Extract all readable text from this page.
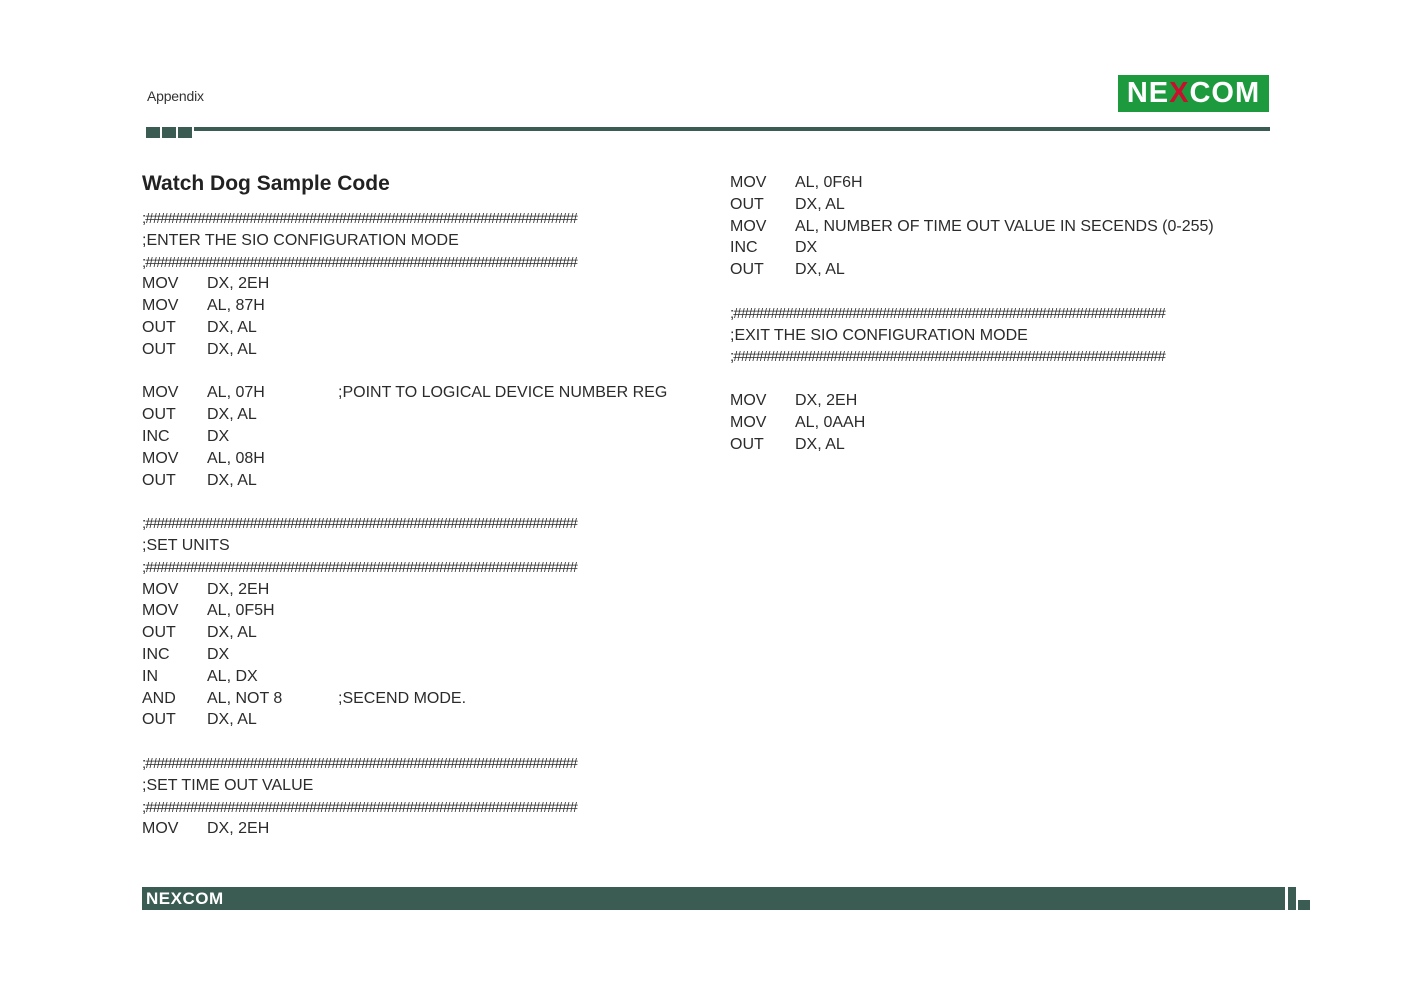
Appendix	NEXCOM
Watch Dog Sample Code
;##########################################################
;ENTER THE SIO CONFIGURATION MODE
;##########################################################
MOV DX, 2EH
MOV AL, 87H
OUT DX, AL
OUT DX, AL
MOV AL, 07H	;POINT TO LOGICAL DEVICE NUMBER REG
OUT DX, AL
INC DX
MOV AL, 08H
OUT DX, AL
;##########################################################
;SET UNITS
;##########################################################
MOV DX, 2EH
MOV AL, 0F5H
OUT DX, AL
INC DX
IN	AL, DX
AND AL, NOT 8	;SECEND MODE.
OUT DX, AL
;##########################################################
;SET TIME OUT VALUE
;##########################################################
MOV DX, 2EH
MOV AL, 0F6H
OUT DX, AL
MOV AL, NUMBER OF TIME OUT VALUE IN SECENDS (0-255)
INC DX
OUT DX, AL
;##########################################################
;EXIT THE SIO CONFIGURATION MODE
;##########################################################
MOV DX, 2EH
MOV AL, 0AAH
OUT DX, AL
NEXCOM
